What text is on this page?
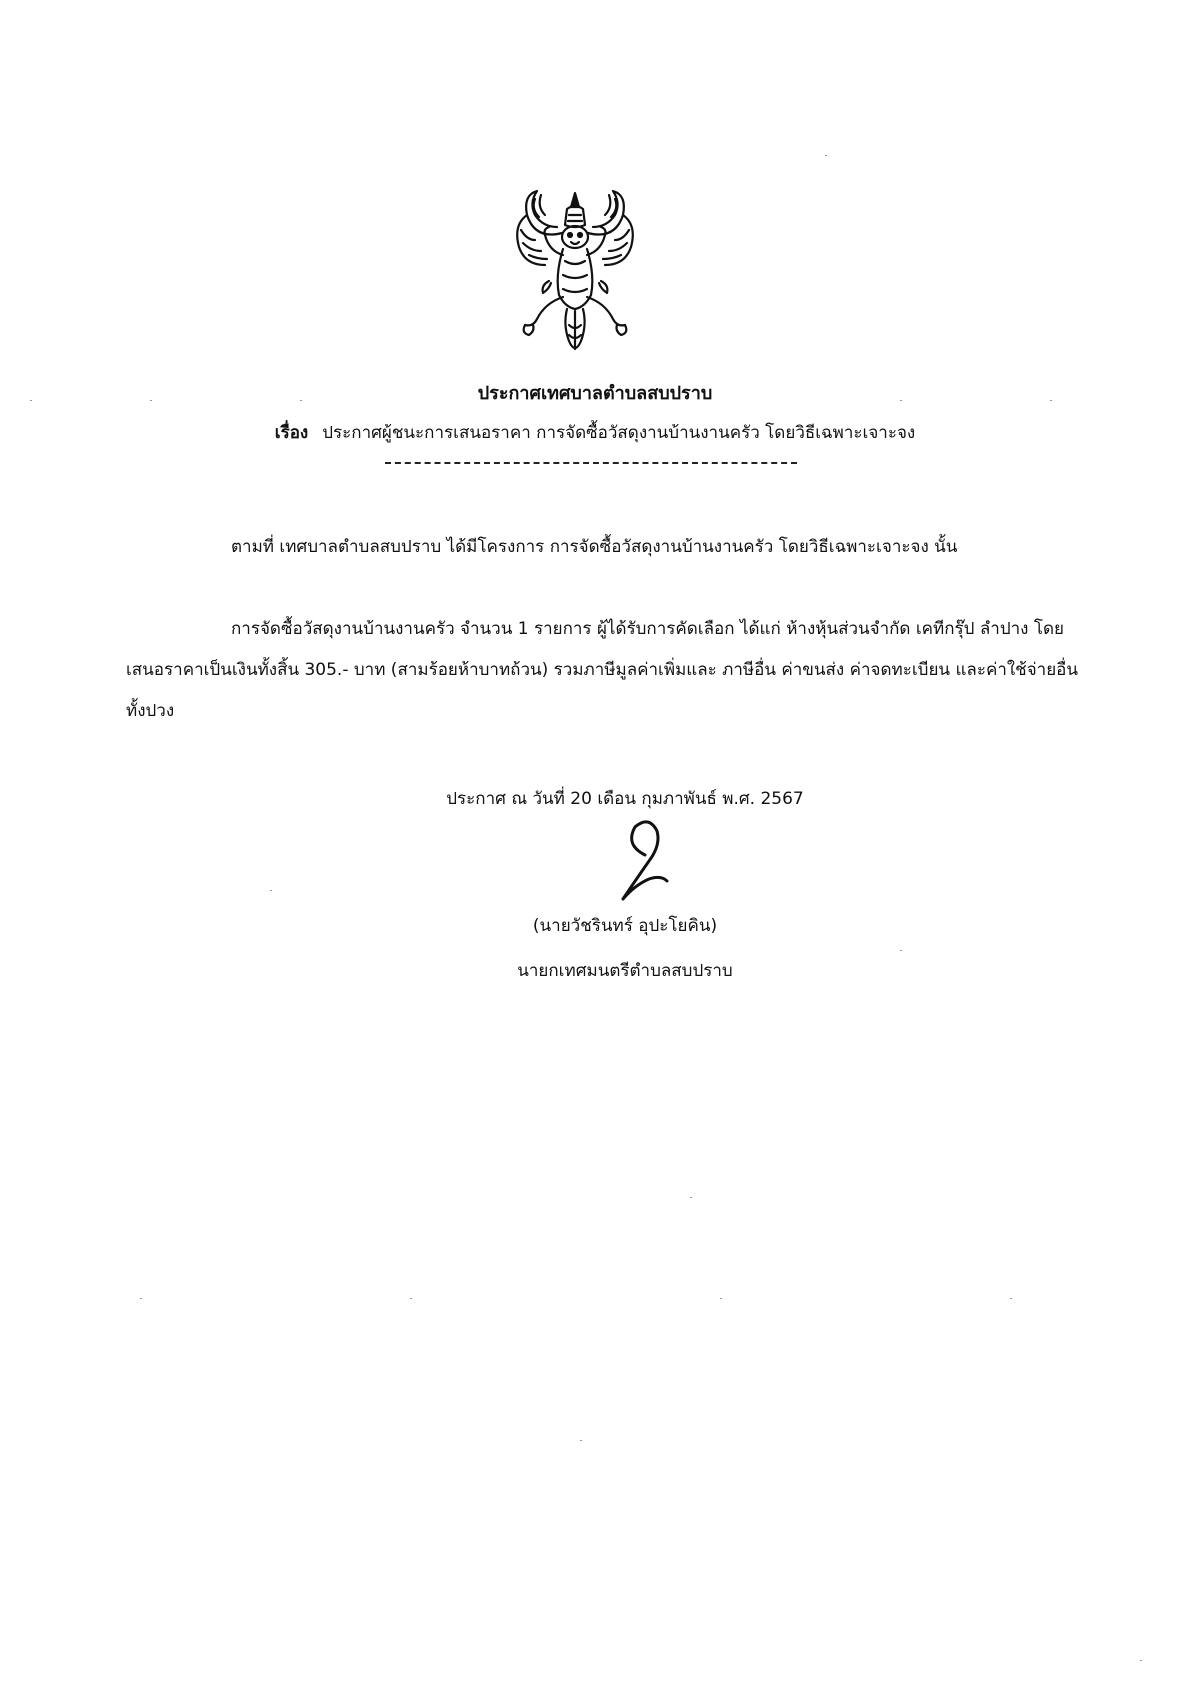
ประกาศเทศบาลตำบลสบปราบ
เรื่อง ประกาศผู้ชนะการเสนอราคา การจัดซื้อวัสดุงานบ้านงานครัว โดยวิธีเฉพาะเจาะจง
ตามที่ เทศบาลตำบลสบปราบ ได้มีโครงการ การจัดซื้อวัสดุงานบ้านงานครัว โดยวิธีเฉพาะเจาะจง นั้น
การจัดซื้อวัสดุงานบ้านงานครัว จำนวน 1 รายการ ผู้ได้รับการคัดเลือก ได้แก่ ห้างหุ้นส่วนจำกัด เคทีกรุ๊ป ลำปาง โดยเสนอราคาเป็นเงินทั้งสิ้น 305.- บาท (สามร้อยห้าบาทถ้วน) รวมภาษีมูลค่าเพิ่มและ ภาษีอื่น ค่าขนส่ง ค่าจดทะเบียน และค่าใช้จ่ายอื่นทั้งปวง
ประกาศ ณ วันที่ 20 เดือน กุมภาพันธ์ พ.ศ. 2567
(นายวัชรินทร์ อุปะโยคิน)
นายกเทศมนตรีตำบลสบปราบ
